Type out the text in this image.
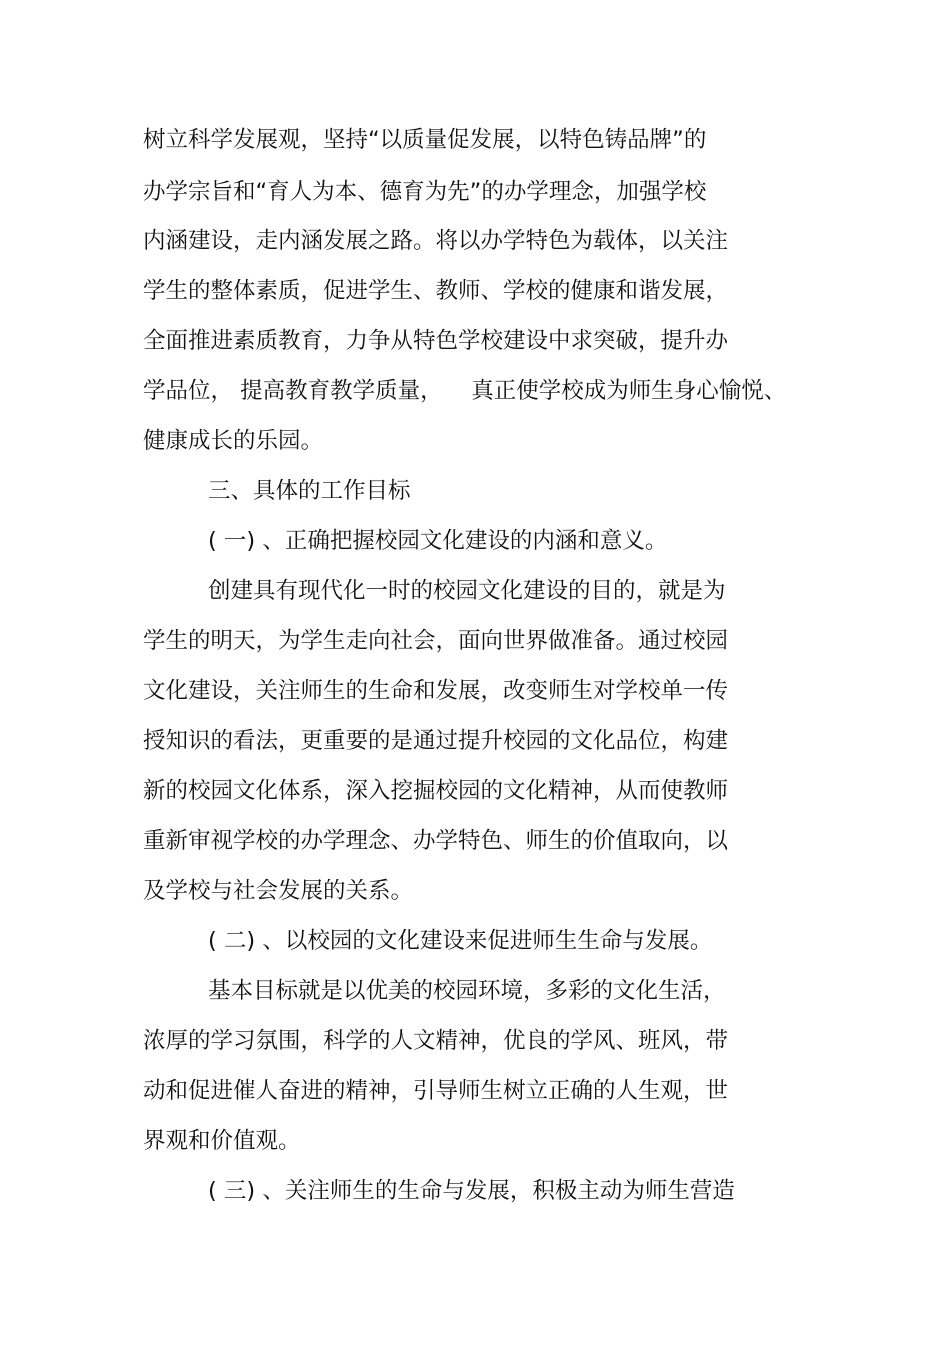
树立科学发展观，坚持“以质量促发展，以特色铸品牌”的
办学宗旨和“育人为本、德育为先”的办学理念，加强学校
内涵建设，走内涵发展之路。将以办学特色为载体，以关注
学生的整体素质，促进学生、教师、学校的健康和谐发展，
全面推进素质教育，力争从特色学校建设中求突破，提升办
学品位， 提高教育教学质量，    真正使学校成为师生身心愉悦、
健康成长的乐园。
三、具体的工作目标
( 一) 、正确把握校园文化建设的内涵和意义。
创建具有现代化一时的校园文化建设的目的，就是为
学生的明天，为学生走向社会，面向世界做准备。通过校园
文化建设，关注师生的生命和发展，改变师生对学校单一传
授知识的看法，更重要的是通过提升校园的文化品位，构建
新的校园文化体系，深入挖掘校园的文化精神，从而使教师
重新审视学校的办学理念、办学特色、师生的价值取向，以
及学校与社会发展的关系。
( 二) 、以校园的文化建设来促进师生生命与发展。
基本目标就是以优美的校园环境，多彩的文化生活，
浓厚的学习氛围，科学的人文精神，优良的学风、班风，带
动和促进催人奋进的精神，引导师生树立正确的人生观，世
界观和价值观。
( 三) 、关注师生的生命与发展，积极主动为师生营造
